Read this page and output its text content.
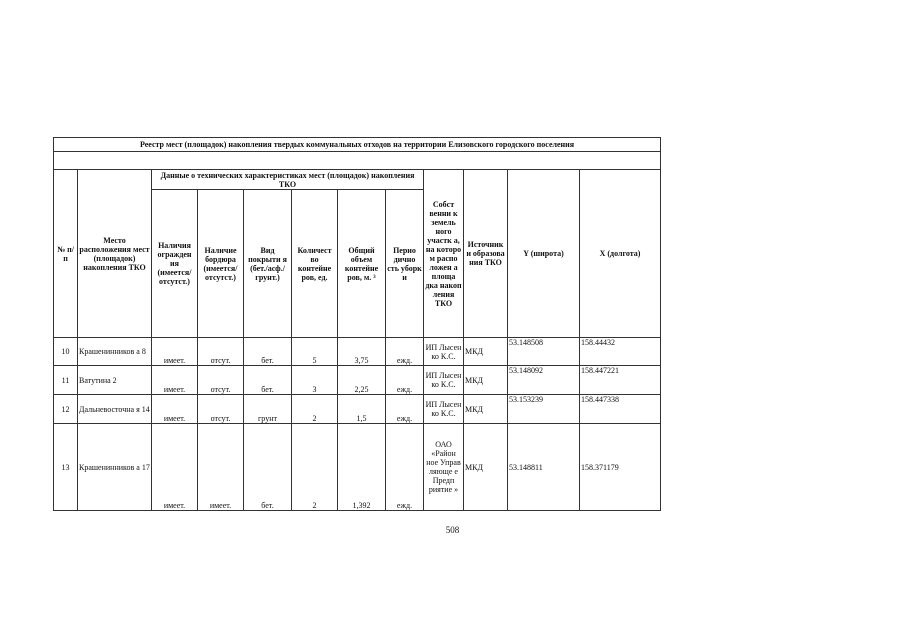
Реестр мест (площадок) накопления твердых коммунальных отходов на территории Елизовского городского поселения											

№ п/п	Место расположения мест (площадок) накопления ТКО	Данные о технических характеристиках мест (площадок) накопления ТКО						Собст венни к земель ного участк а, на которо м распо ложен а площа дка накоп ления ТКО	Источник и образова ния ТКО	Y (широта)	X (долгота)
		Наличия огражден ия (имеется/ отсутст.)	Наличие бордюра (имеется/ отсутст.)	Вид покрыти я (бет./асф./ грунт.)	Количест во контейне ров, ед.	Общий объем контейне ров, м. ³	Перио дично сть уборк и				
10	Крашенинников а 8	имеет.	отсут.	бет.	5	3,75	ежд.	ИП Лысен ко К.С.	МКД	53.148508	158.44432
11	Ватутина 2	имеет.	отсут.	бет.	3	2,25	ежд.	ИП Лысен ко К.С.	МКД	53.148092	158.447221
12	Дальневосточна я 14	имеет.	отсут.	грунт	2	1,5	ежд.	ИП Лысен ко К.С.	МКД	53.153239	158.447338
13	Крашенинников а 17	имеет.	имеет.	бет.	2	1,392	ежд.	ОАО «Район ное Управ ляюще е Предп риятие »	МКД	53.148811	158.371179
508
